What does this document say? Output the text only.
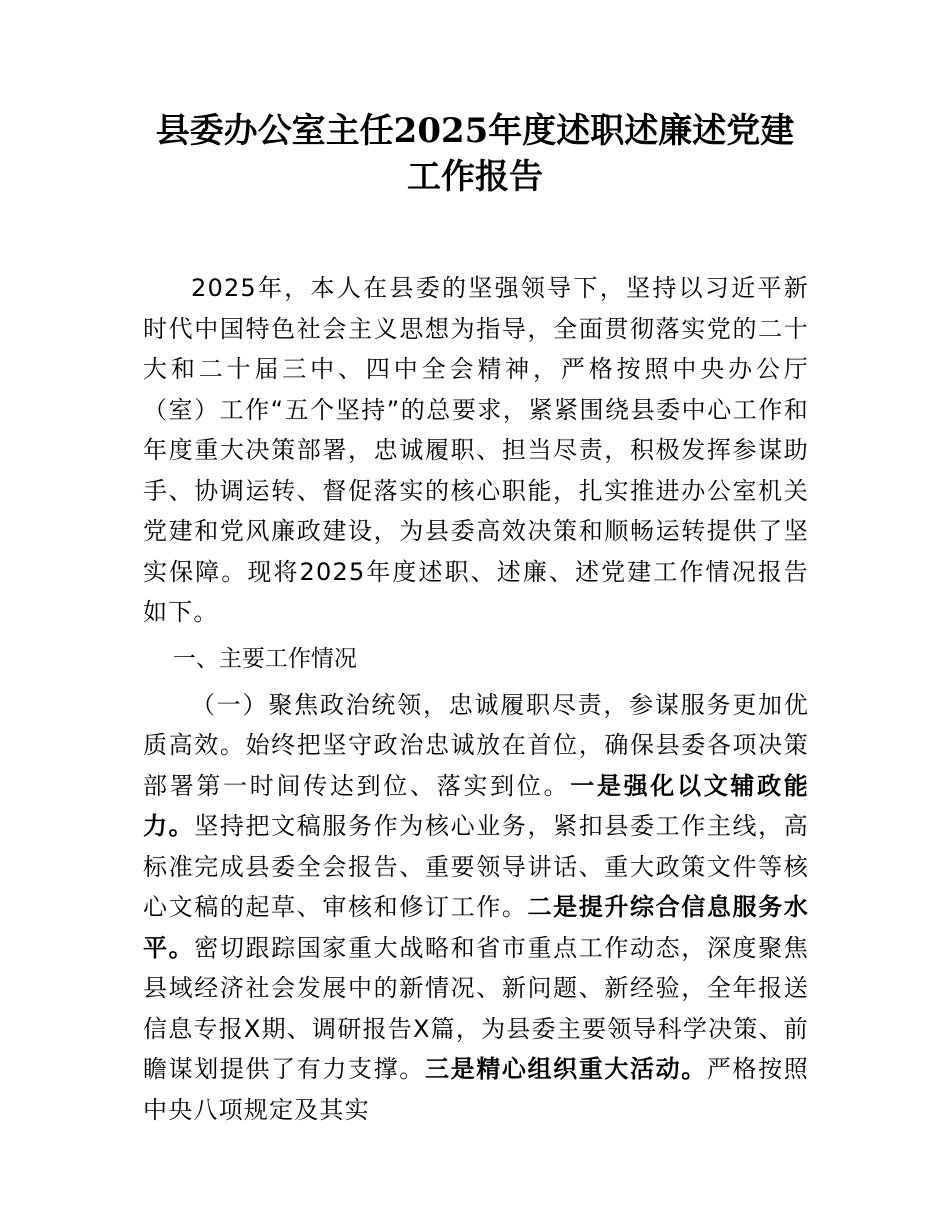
县委办公室主任2025年度述职述廉述党建工作报告

2025年，本人在县委的坚强领导下，坚持以习近平新时代中国特色社会主义思想为指导，全面贯彻落实党的二十大和二十届三中、四中全会精神，严格按照中央办公厅（室）工作“五个坚持”的总要求，紧紧围绕县委中心工作和年度重大决策部署，忠诚履职、担当尽责，积极发挥参谋助手、协调运转、督促落实的核心职能，扎实推进办公室机关党建和党风廉政建设，为县委高效决策和顺畅运转提供了坚实保障。现将2025年度述职、述廉、述党建工作情况报告如下。

一、主要工作情况

（一）聚焦政治统领，忠诚履职尽责，参谋服务更加优质高效。始终把坚守政治忠诚放在首位，确保县委各项决策部署第一时间传达到位、落实到位。一是强化以文辅政能力。坚持把文稿服务作为核心业务，紧扣县委工作主线，高标准完成县委全会报告、重要领导讲话、重大政策文件等核心文稿的起草、审核和修订工作。二是提升综合信息服务水平。密切跟踪国家重大战略和省市重点工作动态，深度聚焦县域经济社会发展中的新情况、新问题、新经验，全年报送信息专报X期、调研报告X篇，为县委主要领导科学决策、前瞻谋划提供了有力支撑。三是精心组织重大活动。严格按照中央八项规定及其实
